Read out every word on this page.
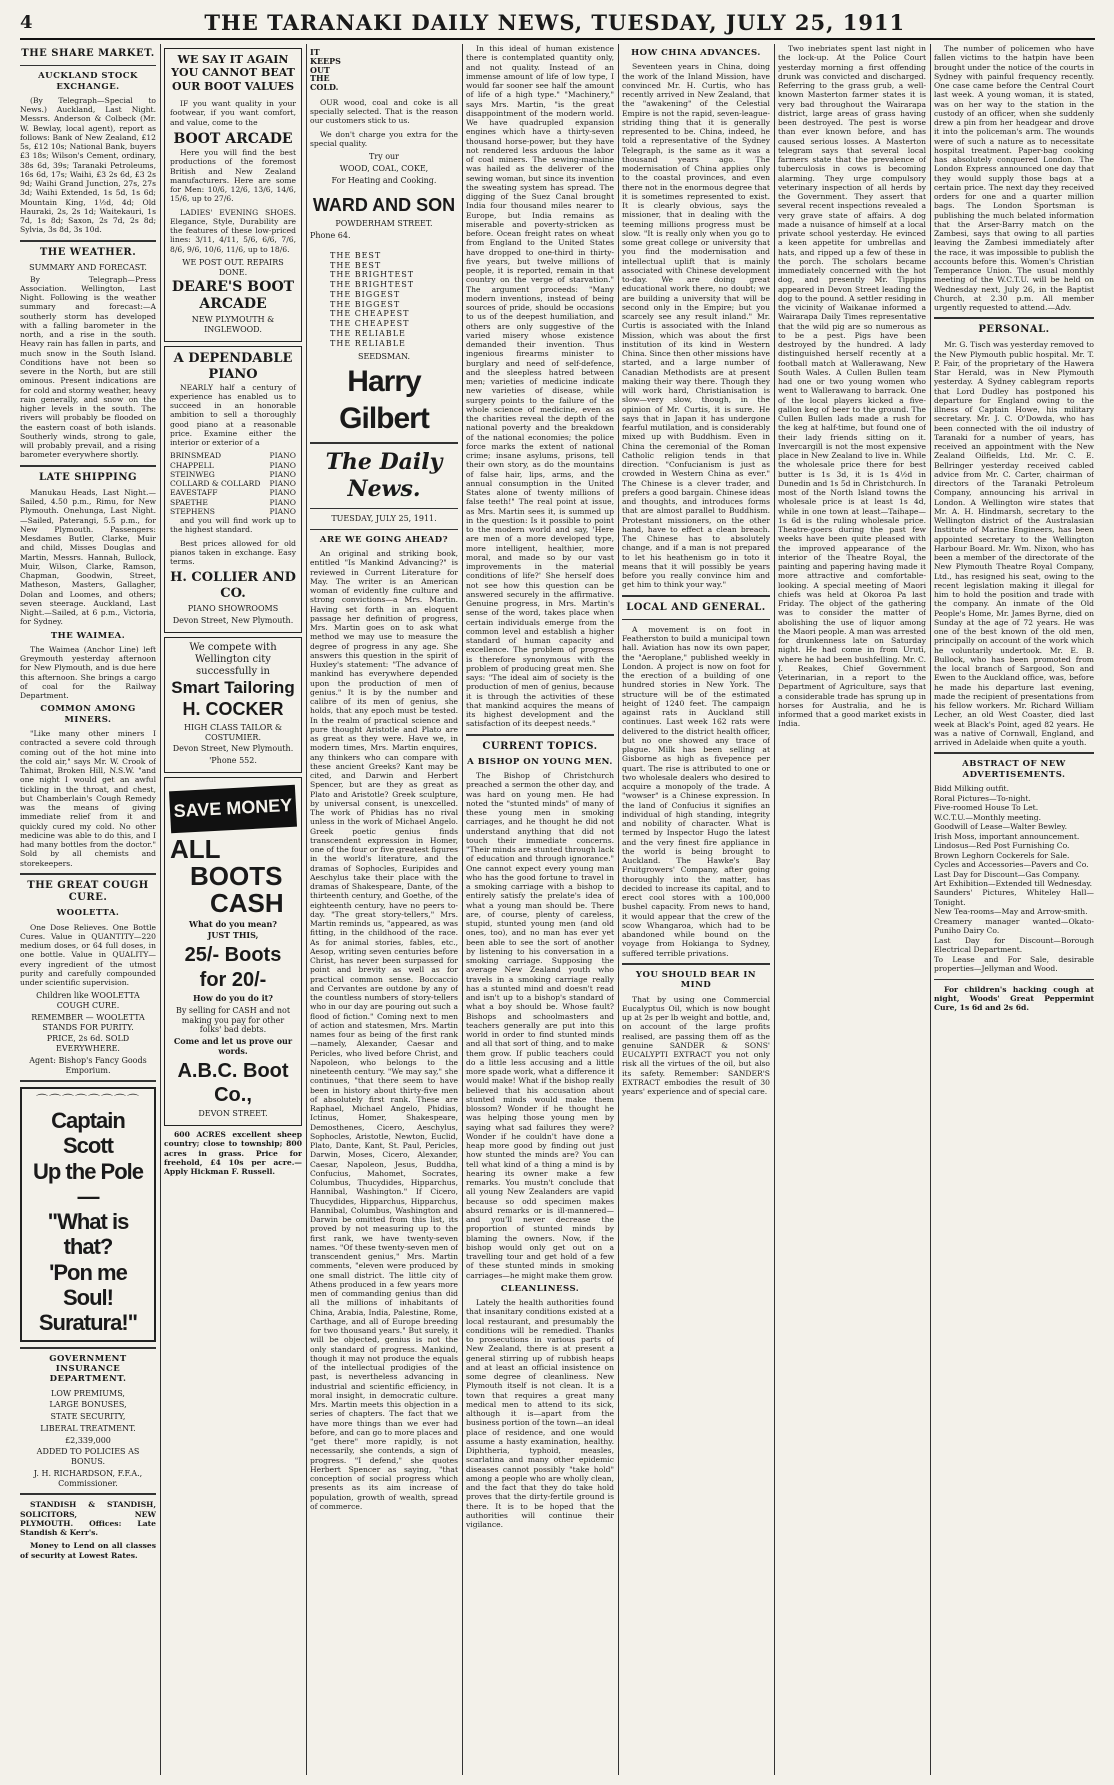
4	THE TARANAKI DAILY NEWS, TUESDAY, JULY 25, 1911
THE SHARE MARKET.
AUCKLAND STOCK EXCHANGE.

(By Telegraph—Special to News.) Auckland, Last Night. Messrs. Anderson & Colbeck (Mr. W. Bewlay, local agent), report as follows: Bank of New Zealand, £12 5s, £12 10s; National Bank, buyers £3 18s; Wilson's Cement, ordinary, 38s 6d, 39s; Taranaki Petroleums, 16s 6d, 17s; Waihi, £3 2s 6d, £3 2s 9d; Waihi Grand Junction, 27s, 27s 3d; Waihi Extended, 1s 5d, 1s 6d; Mountain King, 1½d, 4d; Old Hauraki, 2s, 2s 1d; Waitekauri, 1s 7d, 1s 8d; Saxon, 2s 7d, 2s 8d; Sylvia, 3s 8d, 3s 10d.

THE WEATHER.
SUMMARY AND FORECAST.

By Telegraph—Press Association. Wellington, Last Night. Following is the weather summary and forecast:—A southerly storm has developed with a falling barometer in the north, and a rise in the south. Heavy rain has fallen in parts, and much snow in the South Island. Conditions have not been so severe in the North, but are still ominous. Present indications are for cold and stormy weather, heavy rain generally, and snow on the higher levels in the south. The rivers will probably be flooded on the eastern coast of both islands. Southerly winds, strong to gale, will probably prevail, and a rising barometer everywhere shortly.

LATE SHIPPING

Manukau Heads, Last Night.—Sailed, 4.50 p.m., Rimu, for New Plymouth. Onehunga, Last Night.—Sailed, Paterangi, 5.5 p.m., for New Plymouth. Passengers: Mesdames Butler, Clarke, Muir and child, Misses Douglas and Martin, Messrs. Hannah, Bullock, Muir, Wilson, Clarke, Ramson, Chapman, Goodwin, Street, Matheson, Masters, Gallagher, Dolan and Loomes, and others; seven steerage. Auckland, Last Night.—Sailed, at 6 p.m., Victoria, for Sydney.

THE WAIMEA.

The Waimea (Anchor Line) left Greymouth yesterday afternoon for New Plymouth, and is due here this afternoon. She brings a cargo of coal for the Railway Department.

COMMON AMONG MINERS.

"Like many other miners I contracted a severe cold through coming out of the hot mine into the cold air," says Mr. W. Crook of Tahimat, Broken Hill, N.S.W. "and one night I would get an awful tickling in the throat, and chest, but Chamberlain's Cough Remedy was the means of giving immediate relief from it and quickly cured my cold. No other medicine was able to do this, and I had many bottles from the doctor." Sold by all chemists and storekeepers.

THE GREAT COUGH CURE.
WOOLETTA.

One Dose Relieves. One Bottle Cures. Value in QUANTITY—220 medium doses, or 64 full doses, in one bottle. Value in QUALITY—every ingredient of the utmost purity and carefully compounded under scientific supervision.

Children like WOOLETTA COUGH CURE.
REMEMBER — WOOLETTA STANDS FOR PURITY.
PRICE, 2s 6d. SOLD EVERYWHERE.
Agent: Bishop's Fancy Goods Emporium.
⌒⌒⌒⌒⌒⌒⌒⌒
Captain Scott
Up the Pole—
"What is that?
'Pon me Soul!
Suratura!"
GOVERNMENT INSURANCE DEPARTMENT.
LOW PREMIUMS,
LARGE BONUSES,
STATE SECURITY,
LIBERAL TREATMENT.
£2,339,000
ADDED TO POLICIES AS BONUS.
J. H. RICHARDSON, F.F.A., Commissioner.

STANDISH & STANDISH, SOLICITORS, NEW PLYMOUTH. Offices: Late Standish & Kerr's.

Money to Lend on all classes of security at Lowest Rates.

WE SAY IT AGAIN
YOU CANNOT BEAT
OUR BOOT VALUES

IF you want quality in your footwear, if you want comfort, and value, come to the

BOOT ARCADE

Here you will find the best productions of the foremost British and New Zealand manufacturers. Here are some for Men: 10/6, 12/6, 13/6, 14/6, 15/6, up to 27/6.

LADIES' EVENING SHOES. Elegance, Style, Durability are the features of these low-priced lines: 3/11, 4/11, 5/6, 6/6, 7/6, 8/6, 9/6, 10/6, 11/6, up to 18/6.

WE POST OUT. REPAIRS DONE.
DEARE'S BOOT ARCADE
NEW PLYMOUTH & INGLEWOOD.
A DEPENDABLE PIANO

NEARLY half a century of experience has enabled us to succeed in an honorable ambition to sell a thoroughly good piano at a reasonable price. Examine either the interior or exterior of a

BRINSMEAD	PIANO
CHAPPELL	PIANO
STEINWEG	PIANO
COLLARD & COLLARD PIANO
EAVESTAFF	PIANO
SPAETHE	PIANO
STEPHENS	PIANO

and you will find work up to the highest standard.

Best prices allowed for old pianos taken in exchange. Easy terms.

H. COLLIER AND CO.
PIANO SHOWROOMS
Devon Street, New Plymouth.
We compete with Wellington city successfully in
Smart Tailoring
H. COCKER
HIGH CLASS TAILOR & COSTUMIER.
Devon Street, New Plymouth.
'Phone 552.
SAVE MONEY
ALL
BOOTS
CASH
What do you mean?
JUST THIS,
25/- Boots for 20/-
How do you do it?
By selling for CASH and not making you pay for other folks' bad debts.
Come and let us prove our words.
A.B.C. Boot Co.,
DEVON STREET.

600 ACRES excellent sheep country; close to township; 800 acres in grass. Price for freehold, £4 10s per acre.—Apply Hickman F. Russell.

IT
KEEPS
OUT
THE
COLD.

OUR wood, coal and coke is all specially selected. That is the reason our customers stick to us.

We don't charge you extra for the special quality.

Try our
WOOD, COAL, COKE,
For Heating and Cooking.
WARD AND SON
POWDERHAM STREET.
Phone 64.
THE BEST
THE BEST
THE BRIGHTEST
THE BRIGHTEST
THE BIGGEST
THE BIGGEST
THE CHEAPEST
THE CHEAPEST
THE RELIABLE
THE RELIABLE
SEEDSMAN.
Harry Gilbert
The Daily News.
TUESDAY, JULY 25, 1911.
ARE WE GOING AHEAD?

An original and striking book, entitled "Is Mankind Advancing?" is reviewed in Current Literature for May. The writer is an American woman of evidently fine culture and strong convictions—a Mrs. Martin. Having set forth in an eloquent passage her definition of progress, Mrs. Martin goes on to ask what method we may use to measure the degree of progress in any age. She answers this question in the spirit of Huxley's statement: "The advance of mankind has everywhere depended upon the production of men of genius." It is by the number and calibre of its men of genius, she holds, that any epoch must be tested. In the realm of practical science and pure thought Aristotle and Plato are as great as they were. Have we, in modern times, Mrs. Martin enquires, any thinkers who can compare with these ancient Greeks? Kant may be cited, and Darwin and Herbert Spencer, but are they as great as Plato and Aristotle? Greek sculpture, by universal consent, is unexcelled. The work of Phidias has no rival unless in the work of Michael Angelo. Greek poetic genius finds transcendent expression in Homer, one of the four or five greatest figures in the world's literature, and the dramas of Sophocles, Euripides and Aeschylus take their place with the dramas of Shakespeare, Dante, of the thirteenth century, and Goethe, of the eighteenth century, have no peers to-day. "The great story-tellers," Mrs. Martin reminds us, "appeared, as was fitting, in the childhood of the race. As for animal stories, fables, etc., Aesop, writing seven centuries before Christ, has never been surpassed for point and brevity as well as for practical common sense. Boccaccio and Cervantes are outdone by any of the countless numbers of story-tellers who in our day are pouring out such a flood of fiction." Coming next to men of action and statesmen, Mrs. Martin names four as being of the first rank—namely, Alexander, Caesar and Pericles, who lived before Christ, and Napoleon, who belongs to the nineteenth century. "We may say," she continues, "that there seem to have been in history about thirty-five men of absolutely first rank. These are Raphael, Michael Angelo, Phidias, Ictinus, Homer, Shakespeare, Demosthenes, Cicero, Aeschylus, Sophocles, Aristotle, Newton, Euclid, Plato, Dante, Kant, St. Paul, Pericles, Darwin, Moses, Cicero, Alexander, Caesar, Napoleon, Jesus, Buddha, Confucius, Mahomet, Socrates, Columbus, Thucydides, Hipparchus, Hannibal, Washington." If Cicero, Thucydides, Hipparchus, Hipparchus, Hannibal, Columbus, Washington and Darwin be omitted from this list, its proved by not measuring up to the first rank, we have twenty-seven names. "Of these twenty-seven men of transcendent genius," Mrs. Martin comments, "eleven were produced by one small district. The little city of Athens produced in a few years more men of commanding genius than did all the millions of inhabitants of China, Arabia, India, Palestine, Rome, Carthage, and all of Europe breeding for two thousand years." But surely, it will be objected, genius is not the only standard of progress. Mankind, though it may not produce the equals of the intellectual prodigies of the past, is nevertheless advancing in industrial and scientific efficiency, in moral insight, in democratic culture. Mrs. Martin meets this objection in a series of chapters. The fact that we have more things than we ever had before, and can go to more places and "get there" more rapidly, is not necessarily, she contends, a sign of progress. "I defend," she quotes Herbert Spencer as saying, "that conception of social progress which presents as its aim increase of population, growth of wealth, spread of commerce.

In this ideal of human existence there is contemplated quantity only, and not quality. Instead of an immense amount of life of low type, I would far sooner see half the amount of life of a high type." "Machinery," says Mrs. Martin, "is the great disappointment of the modern world. We have quadrupled expansion engines which have a thirty-seven thousand horse-power, but they have not rendered less arduous the labor of coal miners. The sewing-machine was hailed as the deliverer of the sewing woman, but since its invention the sweating system has spread. The digging of the Suez Canal brought India four thousand miles nearer to Europe, but India remains as miserable and poverty-stricken as before. Ocean freight rates on wheat from England to the United States have dropped to one-third in thirty-five years, but twelve millions of people, it is reported, remain in that country on the verge of starvation." The argument proceeds: "Many modern inventions, instead of being sources of pride, should be occasions to us of the deepest humiliation, and others are only suggestive of the varied misery whose existence demanded their invention. Thus ingenious firearms minister to burglary and need of self-defence, and the sleepless hatred between men; varieties of medicine indicate new varieties of disease, while surgery points to the failure of the whole science of medicine, even as the charities reveal the depth of the national poverty and the breakdown of the national economies; the police force marks the extent of national crime; insane asylums, prisons, tell their own story, as do the mountains of false hair, lips, arms, and the annual consumption in the United States alone of twenty millions of false teeth!" The real point at issue, as Mrs. Martin sees it, is summed up in the question: Is it possible to point to the modern world and say, 'Here are men of a more developed type, more intelligent, healthier, more moral, and made so by our vast improvements in the material conditions of life?' She herself does not see how this question can be answered securely in the affirmative. Genuine progress, in Mrs. Martin's sense of the word, takes place when certain individuals emerge from the common level and establish a higher standard of human capacity and excellence. The problem of progress is therefore synonymous with the problem of producing great men. She says: "The ideal aim of society is the production of men of genius, because it is through the activities of these that mankind acquires the means of its highest development and the satisfaction of its deepest needs."

CURRENT TOPICS.
A BISHOP ON YOUNG MEN.

The Bishop of Christchurch preached a sermon the other day, and was hard on young men. He had noted the "stunted minds" of many of these young men in smoking carriages, and he thought he did not understand anything that did not touch their immediate concerns. "Their minds are stunted through lack of education and through ignorance." One cannot expect every young man who has the good fortune to travel in a smoking carriage with a bishop to entirely satisfy the prelate's idea of what a young man should be. There are, of course, plenty of careless, stupid, stunted young men (and old ones, too), and no man has ever yet been able to see the sort of another by listening to his conversation in a smoking carriage. Supposing the average New Zealand youth who travels in a smoking carriage really has a stunted mind and doesn't read and isn't up to a bishop's standard of what a boy should be. Whose fault? Bishops and schoolmasters and teachers generally are put into this world in order to find stunted minds and all that sort of thing, and to make them grow. If public teachers could do a little less accusing and a little more spade work, what a difference it would make! What if the bishop really believed that his accusation about stunted minds would make them blossom? Wonder if he thought he was helping those young men by saying what sad failures they were? Wonder if he couldn't have done a heap more good by finding out just how stunted the minds are? You can tell what kind of a thing a mind is by hearing its owner make a few remarks. You mustn't conclude that all young New Zealanders are vapid because so odd specimen makes absurd remarks or is ill-mannered—and you'll never decrease the proportion of stunted minds by blaming the owners. Now, if the bishop would only get out on a travelling tour and get hold of a few of these stunted minds in smoking carriages—he might make them grow.

CLEANLINESS.

Lately the health authorities found that insanitary conditions existed at a local restaurant, and presumably the conditions will be remedied. Thanks to prosecutions in various parts of New Zealand, there is at present a general stirring up of rubbish heaps and at least an official insistence on some degree of cleanliness. New Plymouth itself is not clean. It is a town that requires a great many medical men to attend to its sick, although it is—apart from the business portion of the town—an ideal place of residence, and one would assume a hasty examination, healthy. Diphtheria, typhoid, measles, scarlatina and many other epidemic diseases cannot possibly "take hold" among a people who are wholly clean, and the fact that they do take hold proves that the dirty-fertile ground is there. It is to be hoped that the authorities will continue their vigilance.

HOW CHINA ADVANCES.

Seventeen years in China, doing the work of the Inland Mission, have convinced Mr. H. Curtis, who has recently arrived in New Zealand, that the "awakening" of the Celestial Empire is not the rapid, seven-league-striding thing that it is generally represented to be. China, indeed, he told a representative of the Sydney Telegraph, is the same as it was a thousand years ago. The modernisation of China applies only to the coastal provinces, and even there not in the enormous degree that it is sometimes represented to exist. It is clearly obvious, says the missioner, that in dealing with the teeming millions progress must be slow. "It is really only when you go to some great college or university that you find the modernisation and intellectual uplift that is mainly associated with Chinese development to-day. We are doing great educational work there, no doubt; we are building a university that will be second only in the Empire; but you scarcely see any result inland." Mr. Curtis is associated with the Inland Mission, which was about the first institution of its kind in Western China. Since then other missions have started, and a large number of Canadian Methodists are at present making their way there. Though they will work hard, Christianisation is slow—very slow, though, in the opinion of Mr. Curtis, it is sure. He says that in Japan it has undergone fearful mutilation, and is considerably mixed up with Buddhism. Even in China the ceremonial of the Roman Catholic religion tends in that direction. "Confucianism is just as crowded in Western China as ever." The Chinese is a clever trader, and prefers a good bargain. Chinese ideas and thoughts, and introduces forms that are almost parallel to Buddhism. Protestant missioners, on the other hand, have to effect a clean breach. The Chinese has to absolutely change, and if a man is not prepared to let his heathenism go in toto it means that it will possibly be years before you really convince him and get him to think your way."

LOCAL AND GENERAL.

A movement is on foot in Featherston to build a municipal town hall. Aviation has now its own paper, the "Aeroplane," published weekly in London. A project is now on foot for the erection of a building of one hundred stories in New York. The structure will be of the estimated height of 1240 feet. The campaign against rats in Auckland still continues. Last week 162 rats were delivered to the district health officer, but no one showed any trace of plague. Milk has been selling at Gisborne as high as fivepence per quart. The rise is attributed to one or two wholesale dealers who desired to acquire a monopoly of the trade. A "wowser" is a Chinese expression. In the land of Confucius it signifies an individual of high standing, integrity and nobility of character. What is termed by Inspector Hugo the latest and the very finest fire appliance in the world is being brought to Auckland. The Hawke's Bay Fruitgrowers' Company, after going thoroughly into the matter, has decided to increase its capital, and to erect cool stores with a 100,000 bushel capacity. From news to hand, it would appear that the crew of the scow Whangaroa, which had to be abandoned while bound on the voyage from Hokianga to Sydney, suffered terrible privations.

YOU SHOULD BEAR IN MIND

That by using one Commercial Eucalyptus Oil, which is now bought up at 2s per lb weight and bottle, and, on account of the large profits realised, are passing them off as the genuine SANDER & SONS' EUCALYPTI EXTRACT you not only risk all the virtues of the oil, but also its safety. Remember: SANDER'S EXTRACT embodies the result of 30 years' experience and of special care.

Two inebriates spent last night in the lock-up. At the Police Court yesterday morning a first offending drunk was convicted and discharged. Referring to the grass grub, a well-known Masterton farmer states it is very bad throughout the Wairarapa district, large areas of grass having been destroyed. The pest is worse than ever known before, and has caused serious losses. A Masterton telegram says that several local farmers state that the prevalence of tuberculosis in cows is becoming alarming. They urge compulsory veterinary inspection of all herds by the Government. They assert that several recent inspections revealed a very grave state of affairs. A dog made a nuisance of himself at a local private school yesterday. He evinced a keen appetite for umbrellas and hats, and ripped up a few of these in the porch. The scholars became immediately concerned with the hot dog, and presently Mr. Tippins appeared in Devon Street leading the dog to the pound. A settler residing in the vicinity of Waikanae informed a Wairarapa Daily Times representative that the wild pig are so numerous as to be a pest. Pigs have been destroyed by the hundred. A lady distinguished herself recently at a football match at Wallerawang, New South Wales. A Cullen Bullen team had one or two young women who went to Wallerawang to barrack. One of the local players kicked a five-gallon keg of beer to the ground. The Cullen Bullen lads made a rush for the keg at half-time, but found one of their lady friends sitting on it. Invercargill is not the most expensive place in New Zealand to live in. While the wholesale price there for best butter is 1s 3d, it is 1s 4½d in Dunedin and 1s 5d in Christchurch. In most of the North Island towns the wholesale price is at least 1s 4d, while in one town at least—Taihape—1s 6d is the ruling wholesale price. Theatre-goers during the past few weeks have been quite pleased with the improved appearance of the interior of the Theatre Royal, the painting and papering having made it more attractive and comfortable-looking. A special meeting of Maori chiefs was held at Okoroa Pa last Friday. The object of the gathering was to consider the matter of abolishing the use of liquor among the Maori people. A man was arrested for drunkenness late on Saturday night. He had come in from Urutī, where he had been bushfelling. Mr. C. J. Reakes, Chief Government Veterinarian, in a report to the Department of Agriculture, says that a considerable trade has sprung up in horses for Australia, and he is informed that a good market exists in India.

The number of policemen who have fallen victims to the hatpin have been brought under the notice of the courts in Sydney with painful frequency recently. One case came before the Central Court last week. A young woman, it is stated, was on her way to the station in the custody of an officer, when she suddenly drew a pin from her headgear and drove it into the policeman's arm. The wounds were of such a nature as to necessitate hospital treatment. Paper-bag cooking has absolutely conquered London. The London Express announced one day that they would supply those bags at a certain price. The next day they received orders for one and a quarter million bags. The London Sportsman is publishing the much belated information that the Arser-Barry match on the Zambesi, says that owing to all parties leaving the Zambesi immediately after the race, it was impossible to publish the accounts before this. Women's Christian Temperance Union. The usual monthly meeting of the W.C.T.U. will be held on Wednesday next, July 26, in the Baptist Church, at 2.30 p.m. All member urgently requested to attend.—Adv.

PERSONAL.

Mr. G. Tisch was yesterday removed to the New Plymouth public hospital. Mr. T. P. Fair, of the proprietary of the Hawera Star Herald, was in New Plymouth yesterday. A Sydney cablegram reports that Lord Dudley has postponed his departure for England owing to the illness of Captain Howe, his military secretary. Mr. J. C. O'Dowda, who has been connected with the oil industry of Taranaki for a number of years, has received an appointment with the New Zealand Oilfields, Ltd. Mr. C. E. Bellringer yesterday received cabled advice from Mr. C. Carter, chairman of directors of the Taranaki Petroleum Company, announcing his arrival in London. A Wellington wire states that Mr. A. H. Hindmarsh, secretary to the Wellington district of the Australasian Institute of Marine Engineers, has been appointed secretary to the Wellington Harbour Board. Mr. Wm. Nixon, who has been a member of the directorate of the New Plymouth Theatre Royal Company, Ltd., has resigned his seat, owing to the recent legislation making it illegal for him to hold the position and trade with the company. An inmate of the Old People's Home, Mr. James Byrne, died on Sunday at the age of 72 years. He was one of the best known of the old men, principally on account of the work which he voluntarily undertook. Mr. E. B. Bullock, who has been promoted from the local branch of Sargood, Son and Ewen to the Auckland office, was, before he made his departure last evening, made the recipient of presentations from his fellow workers. Mr. Richard William Lecher, an old West Coaster, died last week at Black's Point, aged 82 years. He was a native of Cornwall, England, and arrived in Adelaide when quite a youth.

ABSTRACT OF NEW ADVERTISEMENTS.
Bidd Milking outfit.
Roral Pictures—To-night.
Five-roomed House To Let.
W.C.T.U.—Monthly meeting.
Goodwill of Lease—Walter Bewley.
Irish Moss, important announcement.
Lindosus—Red Post Furnishing Co.
Brown Leghorn Cockerels for Sale.
Cycles and Accessories—Pavers and Co.
Last Day for Discount—Gas Company.
Art Exhibition—Extended till Wednesday.
Saunders' Pictures, Whiteley Hall—Tonight.
New Tea-rooms—May and Arrow-smith.
Creamery manager wanted—Okato-Puniho Dairy Co.
Last Day for Discount—Borough Electrical Department.
To Lease and For Sale, desirable properties—Jellyman and Wood.

For children's hacking cough at night, Woods' Great Peppermint Cure, 1s 6d and 2s 6d.
